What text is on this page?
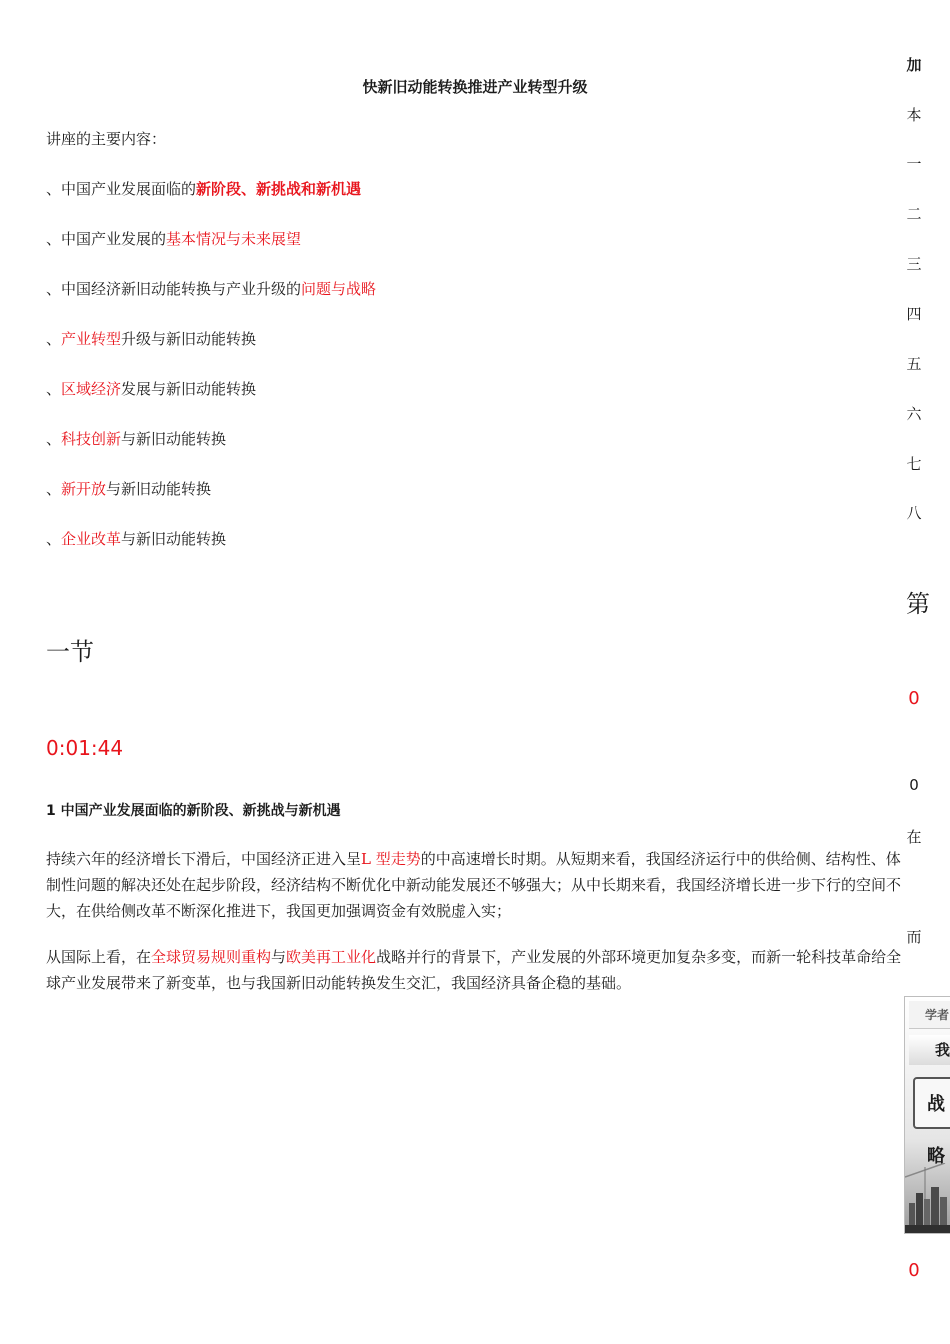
快新旧动能转换推进产业转型升级
讲座的主要内容：
、中国产业发展面临的新阶段、新挑战和新机遇
、中国产业发展的基本情况与未来展望
、中国经济新旧动能转换与产业升级的问题与战略
、产业转型升级与新旧动能转换
、区域经济发展与新旧动能转换
、科技创新与新旧动能转换
、新开放与新旧动能转换
、企业改革与新旧动能转换
一节
0:01:44
1 中国产业发展面临的新阶段、新挑战与新机遇

持续六年的经济增长下滑后，中国经济正进入呈L 型走势的中高速增长时期。从短期来看，我国经济运行中的供给侧、结构性、体制性问题的解决还处在起步阶段，经济结构不断优化中新动能发展还不够强大；从中长期来看，我国经济增长进一步下行的空间不大，在供给侧改革不断深化推进下，我国更加强调资金有效脱虚入实；

从国际上看，在全球贸易规则重构与欧美再工业化战略并行的背景下，产业发展的外部环境更加复杂多变，而新一轮科技革命给全球产业发展带来了新变革，也与我国新旧动能转换发生交汇，我国经济具备企稳的基础。

加
本
一
二
三
四
五
六
七
八
第
0
0
在
而
学者
我
战略
0
